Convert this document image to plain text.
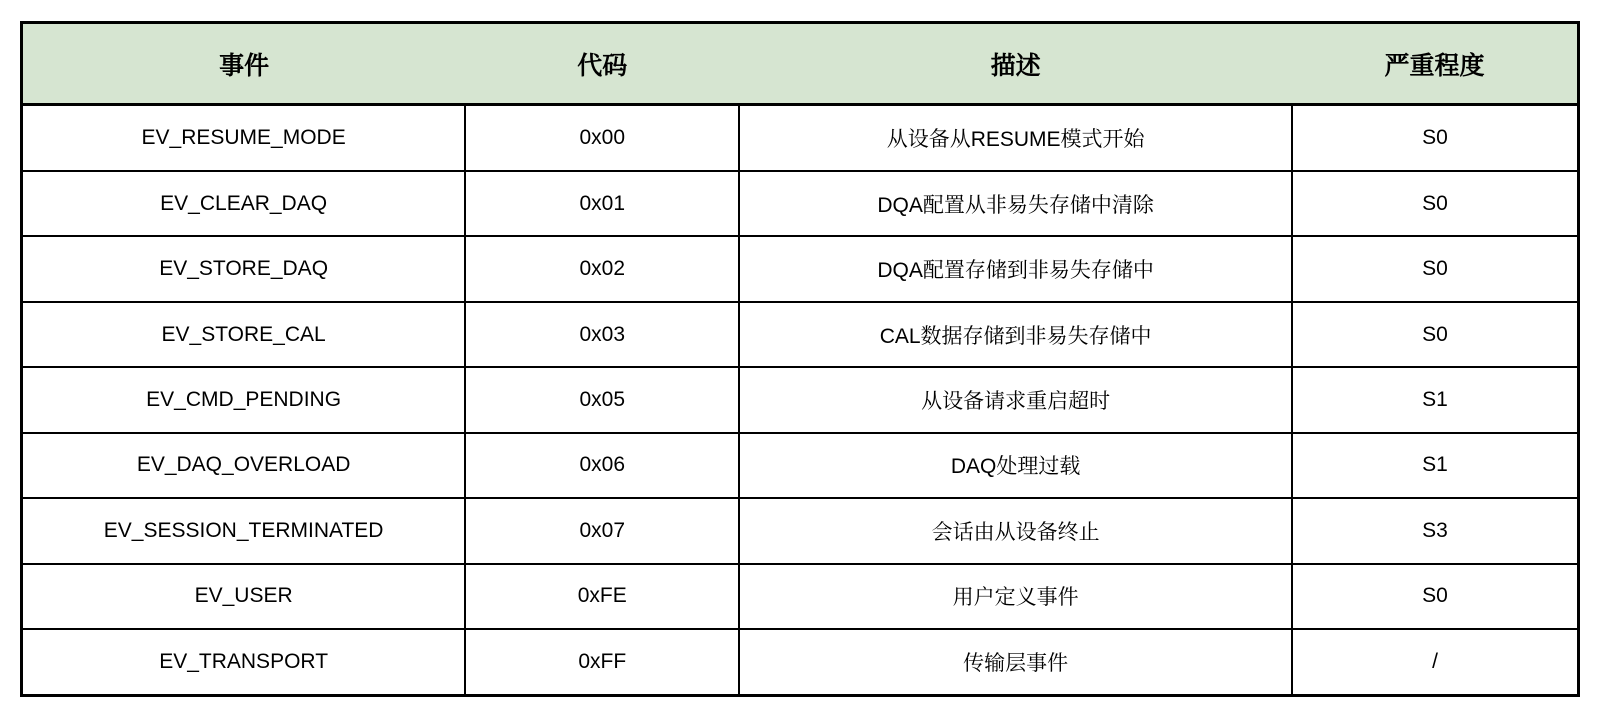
事件	代码	描述	严重程度
EV_RESUME_MODE	0x00	从设备从RESUME模式开始	S0
EV_CLEAR_DAQ	0x01	DQA配置从非易失存储中清除	S0
EV_STORE_DAQ	0x02	DQA配置存储到非易失存储中	S0
EV_STORE_CAL	0x03	CAL数据存储到非易失存储中	S0
EV_CMD_PENDING	0x05	从设备请求重启超时	S1
EV_DAQ_OVERLOAD	0x06	DAQ处理过载	S1
EV_SESSION_TERMINATED	0x07	会话由从设备终止	S3
EV_USER	0xFE	用户定义事件	S0
EV_TRANSPORT	0xFF	传输层事件	/
